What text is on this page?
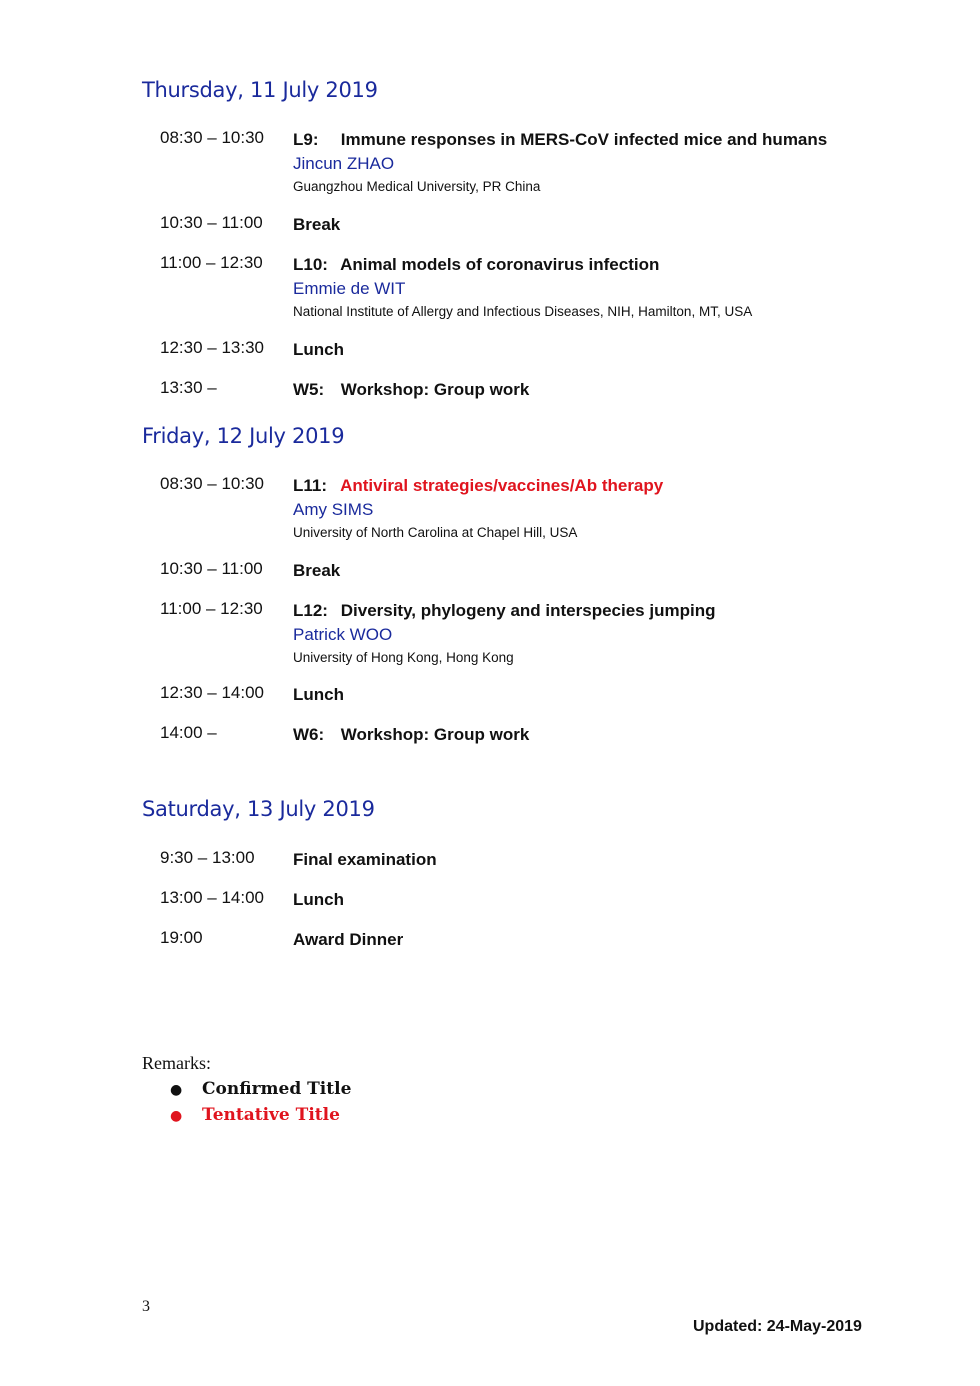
Thursday, 11 July 2019
08:30 – 10:30 L9: Immune responses in MERS-CoV infected mice and humans
Jincun ZHAO
Guangzhou Medical University, PR China
10:30 – 11:00 Break
11:00 – 12:30 L10: Animal models of coronavirus infection
Emmie de WIT
National Institute of Allergy and Infectious Diseases, NIH, Hamilton, MT, USA
12:30 – 13:30 Lunch
13:30 –	W5: Workshop: Group work
Friday, 12 July 2019
08:30 – 10:30 L11: Antiviral strategies/vaccines/Ab therapy
Amy SIMS
University of North Carolina at Chapel Hill, USA
10:30 – 11:00 Break
11:00 – 12:30 L12: Diversity, phylogeny and interspecies jumping
Patrick WOO
University of Hong Kong, Hong Kong
12:30 – 14:00 Lunch
14:00 –	W6: Workshop: Group work
Saturday, 13 July 2019
9:30 – 13:00 Final examination
13:00 – 14:00 Lunch
19:00	Award Dinner
Remarks:
● Confirmed Title
● Tentative Title
3
Updated: 24-May-2019
